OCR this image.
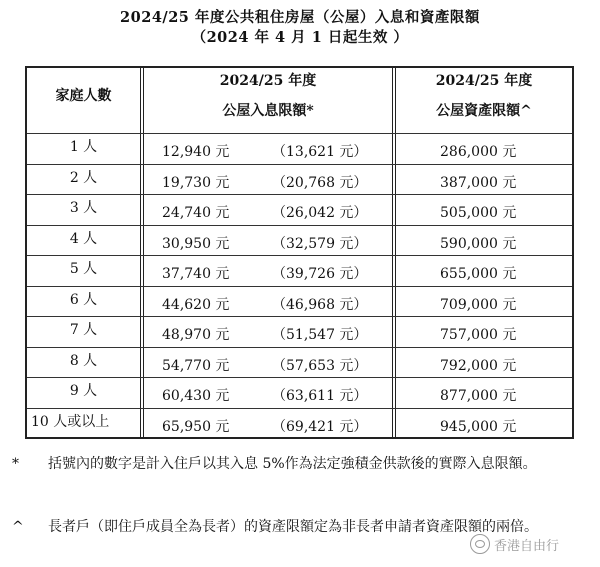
2024/25 年度公共租住房屋（公屋）入息和資產限額
（2024 年 4 月 1 日起生效 ）
家庭人數
2024/25 年度
公屋入息限額*
2024/25 年度
公屋資產限額^
1 人	12,940 元	（13,621 元）	286,000 元
2 人	19,730 元	（20,768 元）	387,000 元
3 人	24,740 元	（26,042 元）	505,000 元
4 人	30,950 元	（32,579 元）	590,000 元
5 人	37,740 元	（39,726 元）	655,000 元
6 人	44,620 元	（46,968 元）	709,000 元
7 人	48,970 元	（51,547 元）	757,000 元
8 人	54,770 元	（57,653 元）	792,000 元
9 人	60,430 元	（63,611 元）	877,000 元
10 人或以上	65,950 元	（69,421 元）	945,000 元
* 括號內的數字是計入住戶以其入息 5%作為法定強積金供款後的實際入息限額。
^ 長者戶（即住戶成員全為長者）的資產限額定為非長者申請者資產限額的兩倍。
香港自由行
